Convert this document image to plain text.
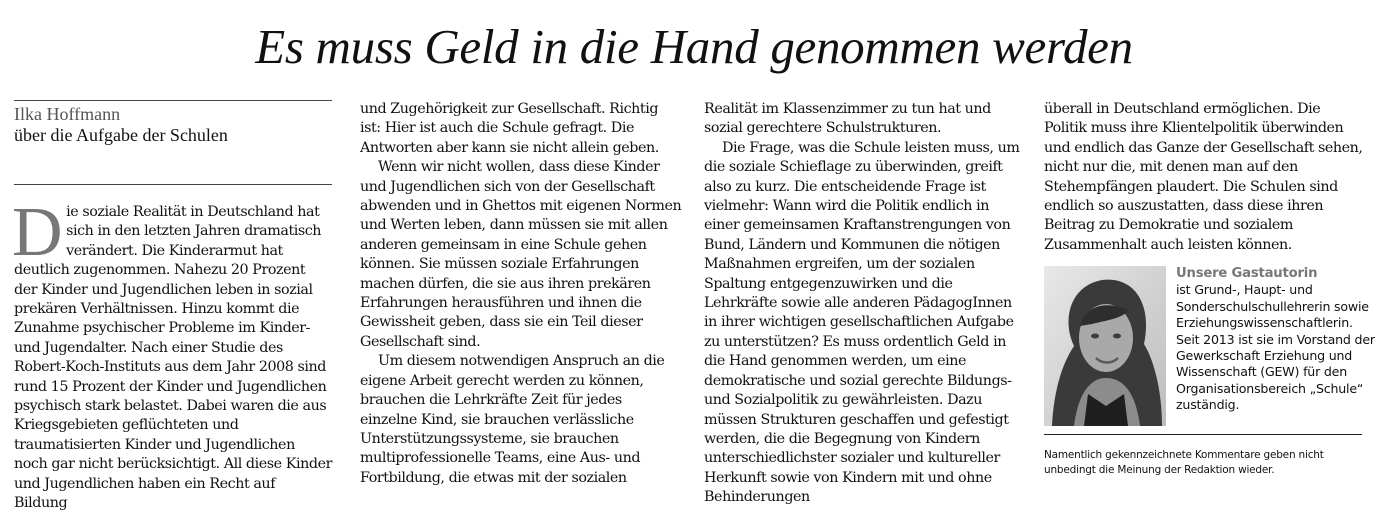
Es muss Geld in die Hand genommen werden
Ilka Hoffmann
über die Aufgabe der Schulen

Die soziale Realität in Deutschland hat sich in den letzten Jahren dramatisch verändert. Die Kinderarmut hat deutlich zugenommen. Nahezu 20 Prozent der Kinder und Jugendlichen leben in sozial prekären Verhältnissen. Hinzu kommt die Zunahme psychischer Probleme im Kinder- und Jugendalter. Nach einer Studie des Robert-Koch-Instituts aus dem Jahr 2008 sind rund 15 Prozent der Kinder und Jugendlichen psychisch stark belastet. Dabei waren die aus Kriegsgebieten geflüchteten und traumatisierten Kinder und Jugendlichen noch gar nicht berücksichtigt. All diese Kinder und Jugendlichen haben ein Recht auf Bildung

und Zugehörigkeit zur Gesellschaft. Richtig ist: Hier ist auch die Schule gefragt. Die Antworten aber kann sie nicht allein geben.

Wenn wir nicht wollen, dass diese Kinder und Jugendlichen sich von der Gesellschaft abwenden und in Ghettos mit eigenen Normen und Werten leben, dann müssen sie mit allen anderen gemeinsam in eine Schule gehen können. Sie müssen soziale Erfahrungen machen dürfen, die sie aus ihren prekären Erfahrungen herausführen und ihnen die Gewissheit geben, dass sie ein Teil dieser Gesellschaft sind.

Um diesem notwendigen Anspruch an die eigene Arbeit gerecht werden zu können, brauchen die Lehrkräfte Zeit für jedes einzelne Kind, sie brauchen verlässliche Unterstützungssysteme, sie brauchen multiprofessionelle Teams, eine Aus- und Fortbildung, die etwas mit der sozialen

Realität im Klassenzimmer zu tun hat und sozial gerechtere Schulstrukturen.

Die Frage, was die Schule leisten muss, um die soziale Schieflage zu überwinden, greift also zu kurz. Die entscheidende Frage ist vielmehr: Wann wird die Politik endlich in einer gemeinsamen Kraftanstrengungen von Bund, Ländern und Kommunen die nötigen Maßnahmen ergreifen, um der sozialen Spaltung entgegenzuwirken und die Lehrkräfte sowie alle anderen PädagogInnen in ihrer wichtigen gesellschaftlichen Aufgabe zu unterstützen? Es muss ordentlich Geld in die Hand genommen werden, um eine demokratische und sozial gerechte Bildungs-und Sozialpolitik zu gewährleisten. Dazu müssen Strukturen geschaffen und gefestigt werden, die die Begegnung von Kindern unterschiedlichster sozialer und kultureller Herkunft sowie von Kindern mit und ohne Behinderungen

überall in Deutschland ermöglichen. Die Politik muss ihre Klientelpolitik überwinden und endlich das Ganze der Gesellschaft sehen, nicht nur die, mit denen man auf den Stehempfängen plaudert. Die Schulen sind endlich so auszustatten, dass diese ihren Beitrag zu Demokratie und sozialem Zusammenhalt auch leisten können.

Unsere Gastautorin
ist Grund-, Haupt- und Sonderschulschullehrerin sowie Erziehungswissenschaftlerin. Seit 2013 ist sie im Vorstand der Gewerkschaft Erziehung und Wissenschaft (GEW) für den Organisationsbereich „Schule“ zuständig.
Namentlich gekennzeichnete Kommentare geben nicht unbedingt die Meinung der Redaktion wieder.
